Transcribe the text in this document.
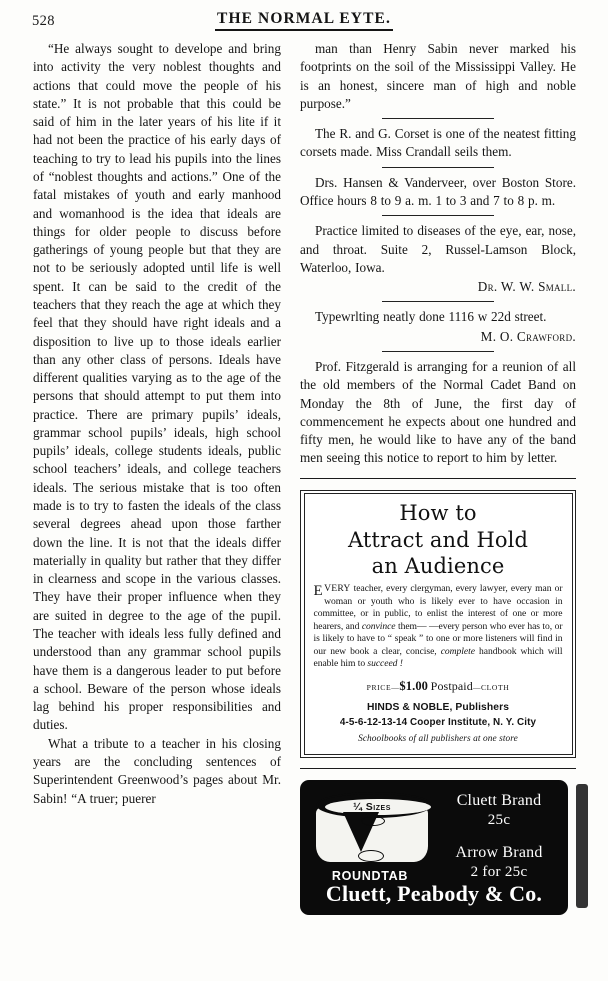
528	THE NORMAL EYTE.

“He always sought to develope and bring into activity the very noblest thoughts and actions that could move the people of his state.” It is not probable that this could be said of him in the later years of his lite if it had not been the practice of his early days of teaching to try to lead his pupils into the lines of “noblest thoughts and actions.” One of the fatal mistakes of youth and early manhood and womanhood is the idea that ideals are things for older people to discuss before gatherings of young people but that they are not to be seriously adopted until life is well spent. It can be said to the credit of the teachers that they reach the age at which they feel that they should have right ideals and a disposition to live up to those ideals earlier than any other class of persons. Ideals have different qualities varying as to the age of the persons that should attempt to put them into practice. There are primary pupils’ ideals, grammar school pupils’ ideals, high school pupils’ ideals, college students ideals, public school teachers’ ideals, and college teachers ideals. The serious mistake that is too often made is to try to fasten the ideals of the class several degrees ahead upon those farther down the line. It is not that the ideals differ materially in quality but rather that they differ in clearness and scope in the various classes. They have their proper influence when they are suited in degree to the age of the pupil. The teacher with ideals less fully defined and understood than any grammar school pupils have them is a dangerous leader to put before a school. Beware of the person whose ideals lag behind his proper responsibilities and duties.

What a tribute to a teacher in his closing years are the concluding sentences of Superintendent Greenwood’s pages about Mr. Sabin! “A truer; puerer

man than Henry Sabin never marked his footprints on the soil of the Mississippi Valley. He is an honest, sincere man of high and noble purpose.”

The R. and G. Corset is one of the neatest fitting corsets made. Miss Crandall seils them.

Drs. Hansen & Vanderveer, over Boston Store. Office hours 8 to 9 a. m. 1 to 3 and 7 to 8 p. m.

Practice limited to diseases of the eye, ear, nose, and throat. Suite 2, Russel-Lamson Block, Waterloo, Iowa.

Dr. W. W. Small.

Typewrlting neatly done 1116 w 22d street.

M. O. Crawford.

Prof. Fitzgerald is arranging for a reunion of all the old members of the Normal Cadet Band on Monday the 8th of June, the first day of commencement he expects about one hundred and fifty men, he would like to have any of the band men seeing this notice to report to him by letter.

How to
Attract and Hold
an Audience
EVERY teacher, every clergyman, every lawyer, every man or woman or youth who is likely ever to have occasion in committee, or in public, to enlist the interest of one or more hearers, and convince them— —every person who ever has to, or is likely to have to “ speak ” to one or more listeners will find in our new book a clear, concise, complete handbook which will enable him to succeed !
PRICE—$1.00 Postpaid—CLOTH
HINDS & NOBLE, Publishers
4-5-6-12-13-14 Cooper Institute, N. Y. City
Schoolbooks of all publishers at one store
¼ Sizes
ROUNDTAB
Cluett Brand
25c
Arrow Brand
2 for 25c
Cluett, Peabody & Co.
